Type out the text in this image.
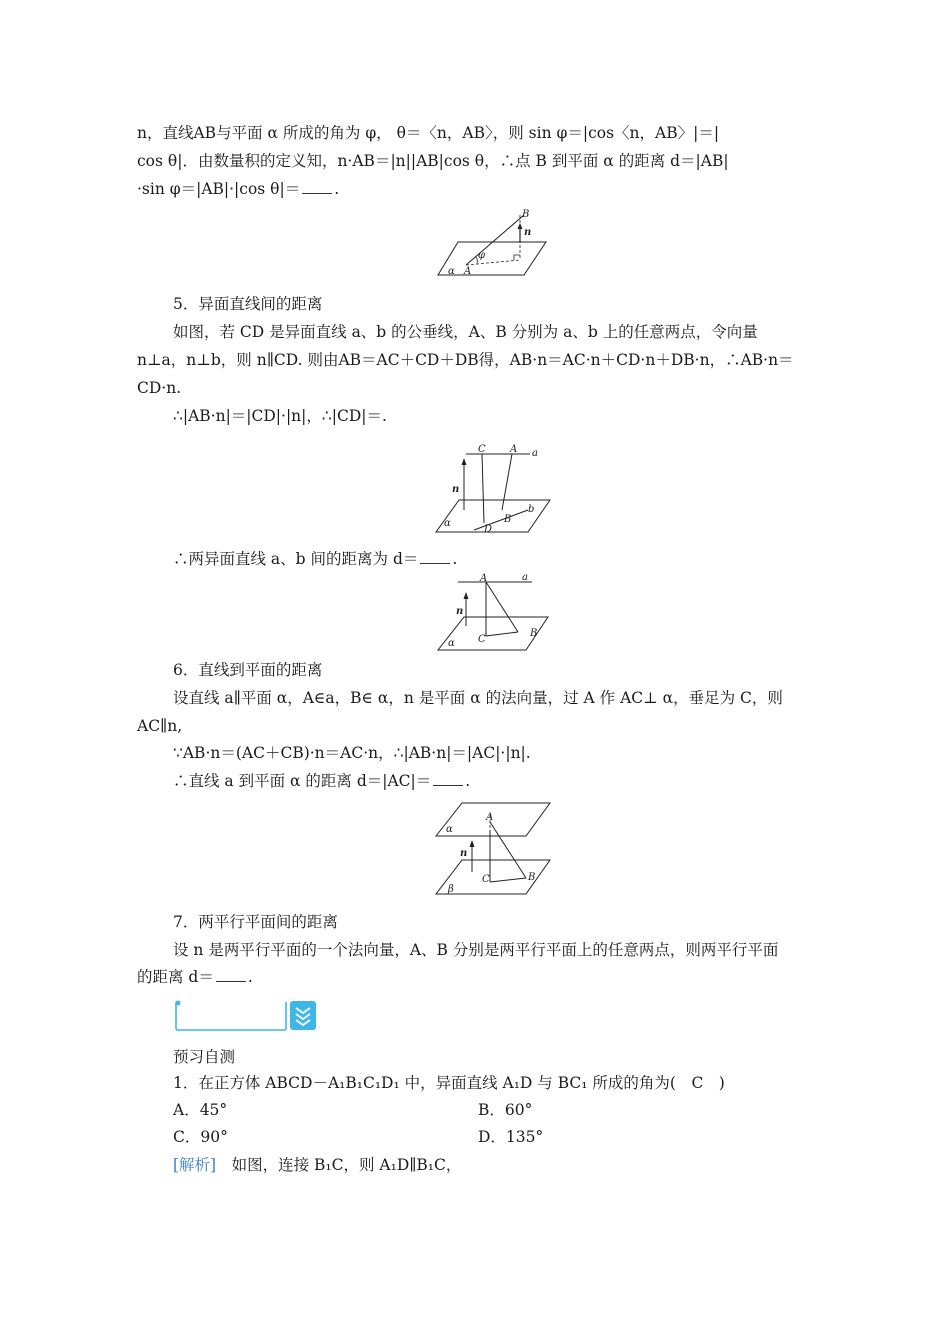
n，直线AB与平面 α 所成的角为 φ， θ＝〈n，AB〉，则 sin φ＝|cos〈n，AB〉|＝|
cos θ|．由数量积的定义知，n·AB＝|n||AB|cos θ，∴点 B 到平面 α 的距离 d＝|AB|
·sin φ＝|AB|·|cos θ|＝ .
B
n
φ
A
α
5．异面直线间的距离
如图，若 CD 是异面直线 a、b 的公垂线，A、B 分别为 a、b 上的任意两点，令向量
n⊥a，n⊥b，则 n∥CD. 则由AB＝AC＋CD＋DB得，AB·n＝AC·n＋CD·n＋DB·n，∴AB·n＝
CD·n.
∴|AB·n|＝|CD|·|n|，∴|CD|＝.
C A a
n
b
B
D
α
∴两异面直线 a、b 间的距离为 d＝ .
A	a
n
C
B
α
6．直线到平面的距离
设直线 a∥平面 α，A∈a，B∈ α，n 是平面 α 的法向量，过 A 作 AC⊥ α，垂足为 C，则
AC∥n,
∵AB·n＝(AC＋CB)·n＝AC·n，∴|AB·n|＝|AC|·|n|.
∴直线 a 到平面 α 的距离 d＝|AC|＝ .
α
A
n
C	B
β
7．两平行平面间的距离
设 n 是两平行平面的一个法向量，A、B 分别是两平行平面上的任意两点，则两平行平面
的距离 d＝ .
预习自测
1．在正方体 ABCD－A₁B₁C₁D₁ 中，异面直线 A₁D 与 BC₁ 所成的角为(　C　)
A．45°	B．60°
C．90°	D．135°
[解析]　如图，连接 B₁C，则 A₁D∥B₁C，
